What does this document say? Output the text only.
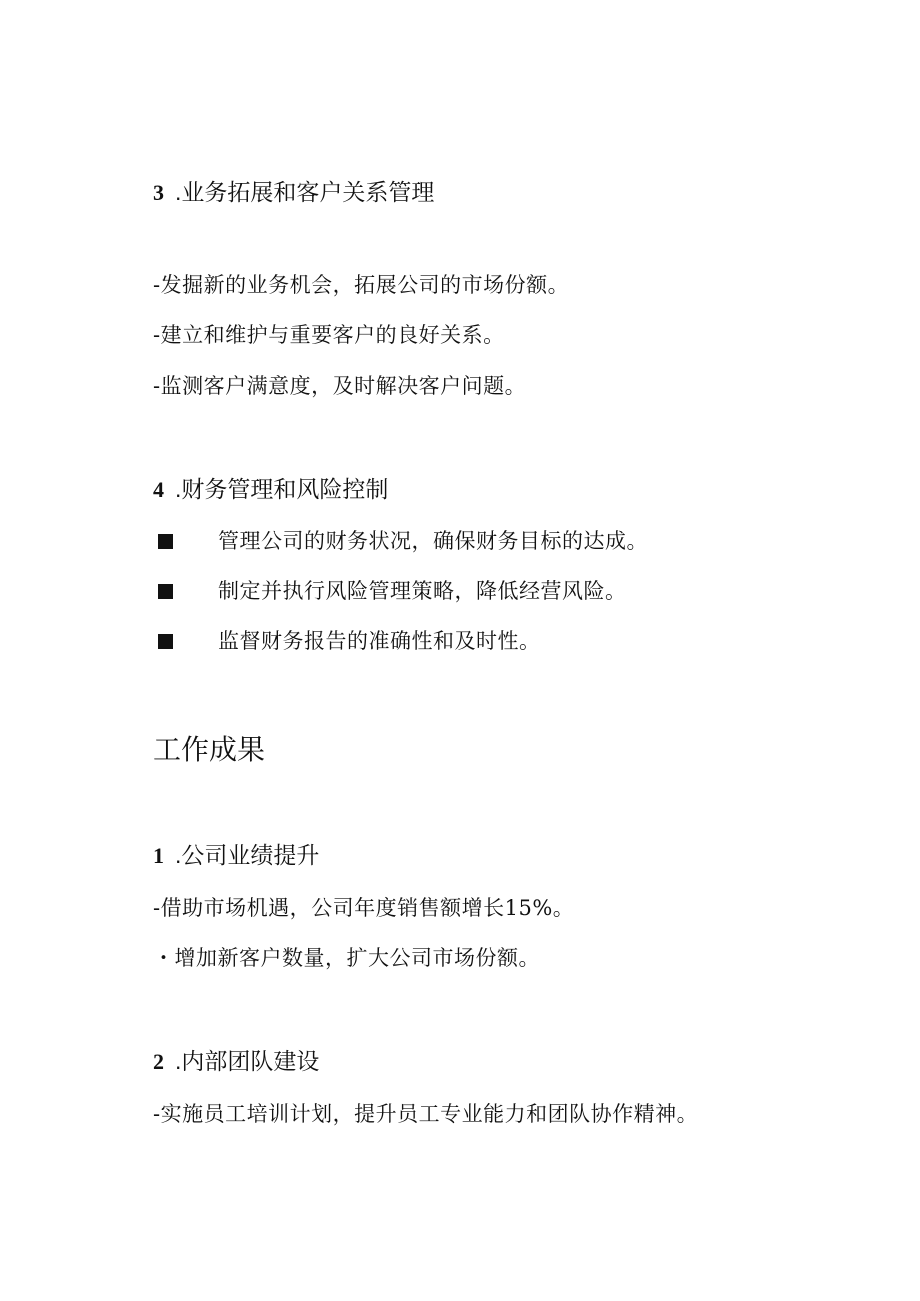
3 .业务拓展和客户关系管理
-发掘新的业务机会，拓展公司的市场份额。
-建立和维护与重要客户的良好关系。
-监测客户满意度，及时解决客户问题。
4 .财务管理和风险控制
管理公司的财务状况，确保财务目标的达成。
制定并执行风险管理策略，降低经营风险。
监督财务报告的准确性和及时性。
工作成果
1 .公司业绩提升
-借助市场机遇，公司年度销售额增长15%。
・增加新客户数量，扩大公司市场份额。
2 .内部团队建设
-实施员工培训计划，提升员工专业能力和团队协作精神。
